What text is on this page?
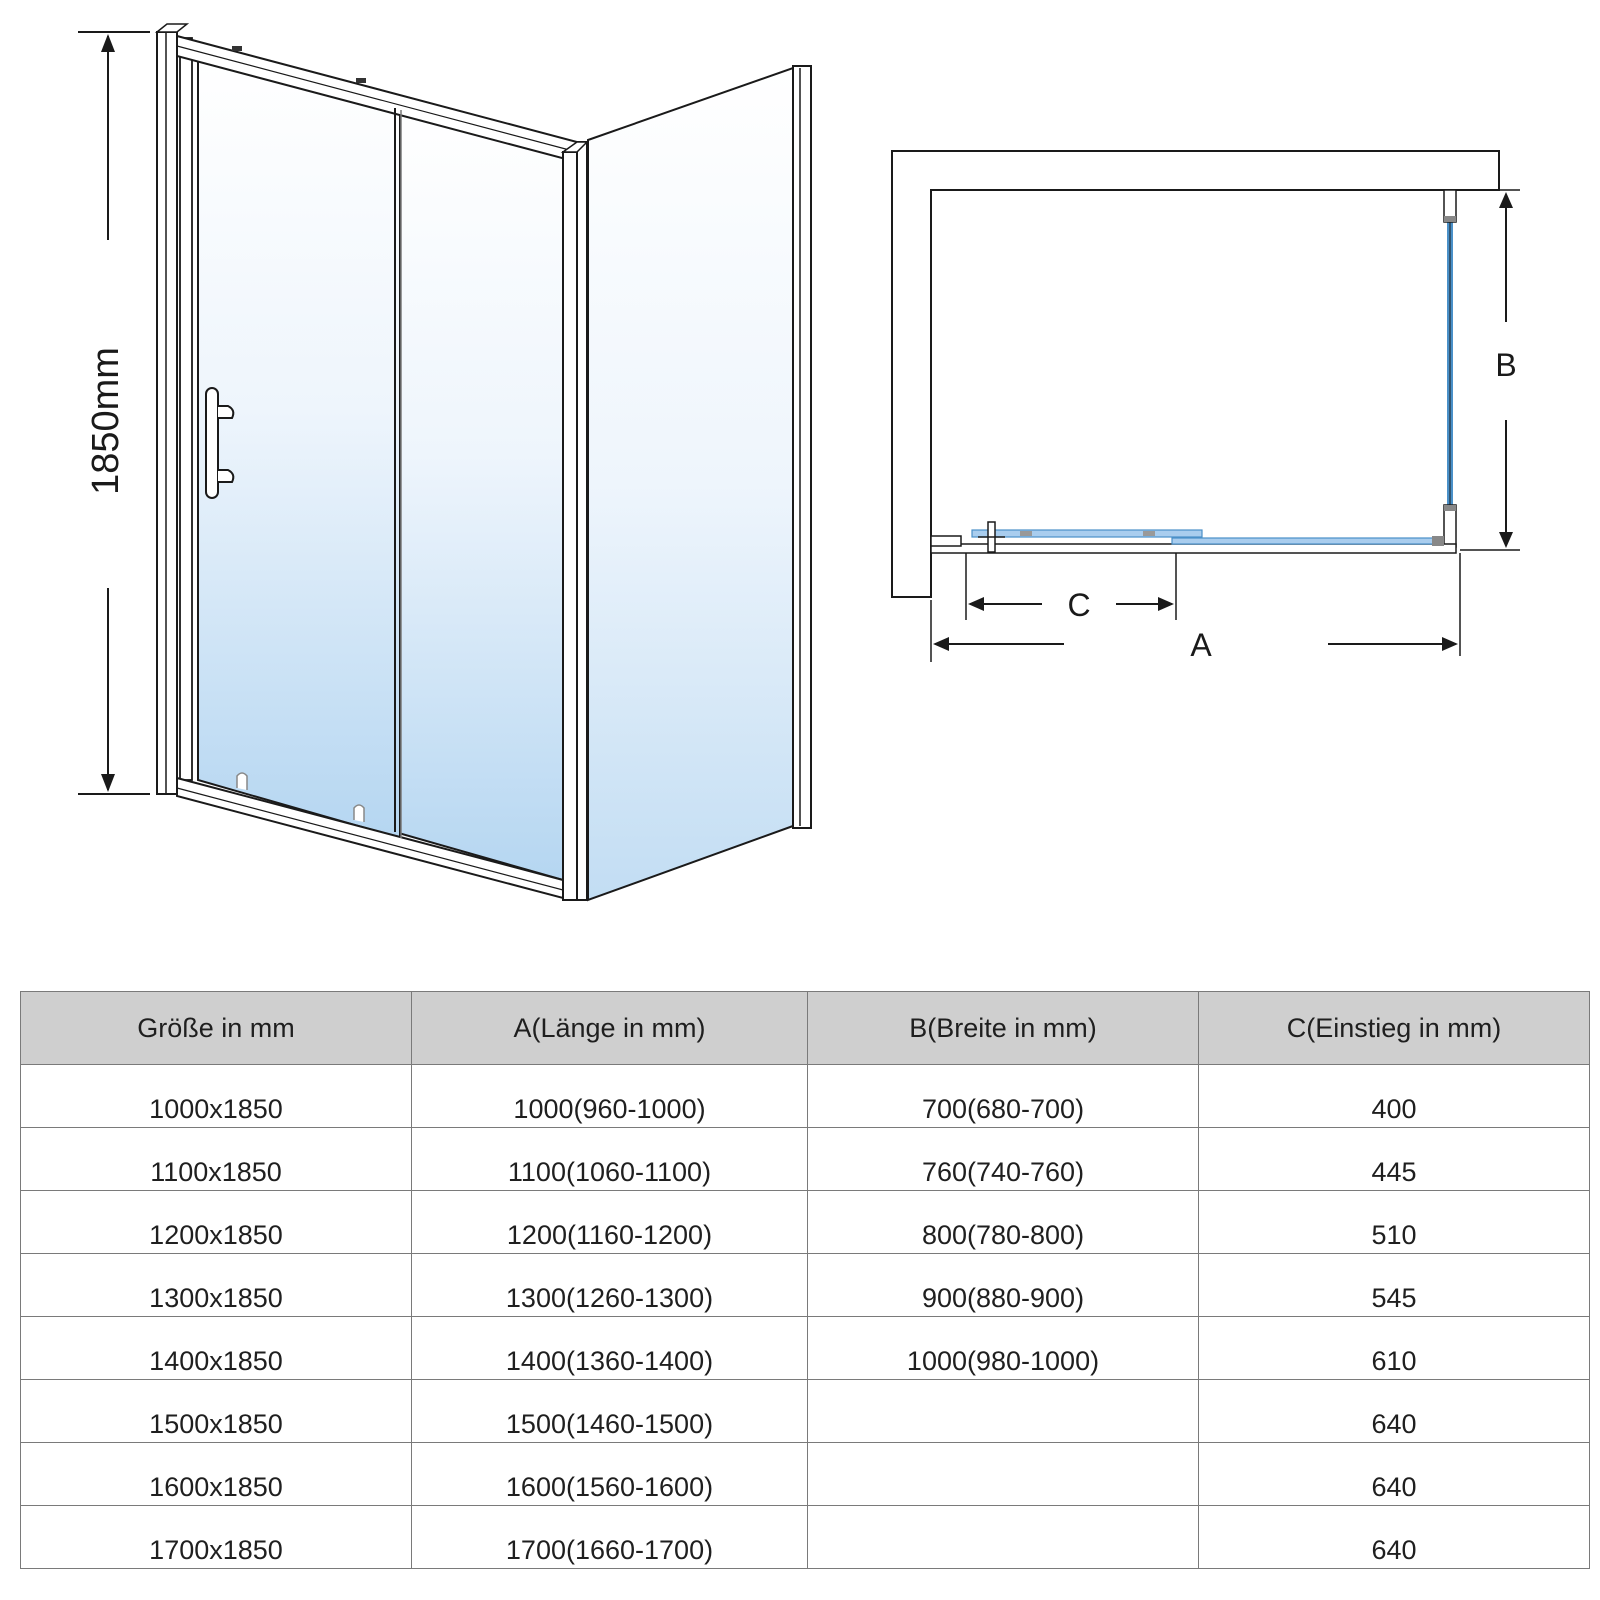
1850mm	B
C
A
Größe in mm	A(Länge in mm)	B(Breite in mm)	C(Einstieg in mm)
1000x1850	1000(960-1000)	700(680-700)	400
1100x1850	1100(1060-1100)	760(740-760)	445
1200x1850	1200(1160-1200)	800(780-800)	510
1300x1850	1300(1260-1300)	900(880-900)	545
1400x1850	1400(1360-1400)	1000(980-1000)	610
1500x1850	1500(1460-1500)		640
1600x1850	1600(1560-1600)		640
1700x1850	1700(1660-1700)		640
